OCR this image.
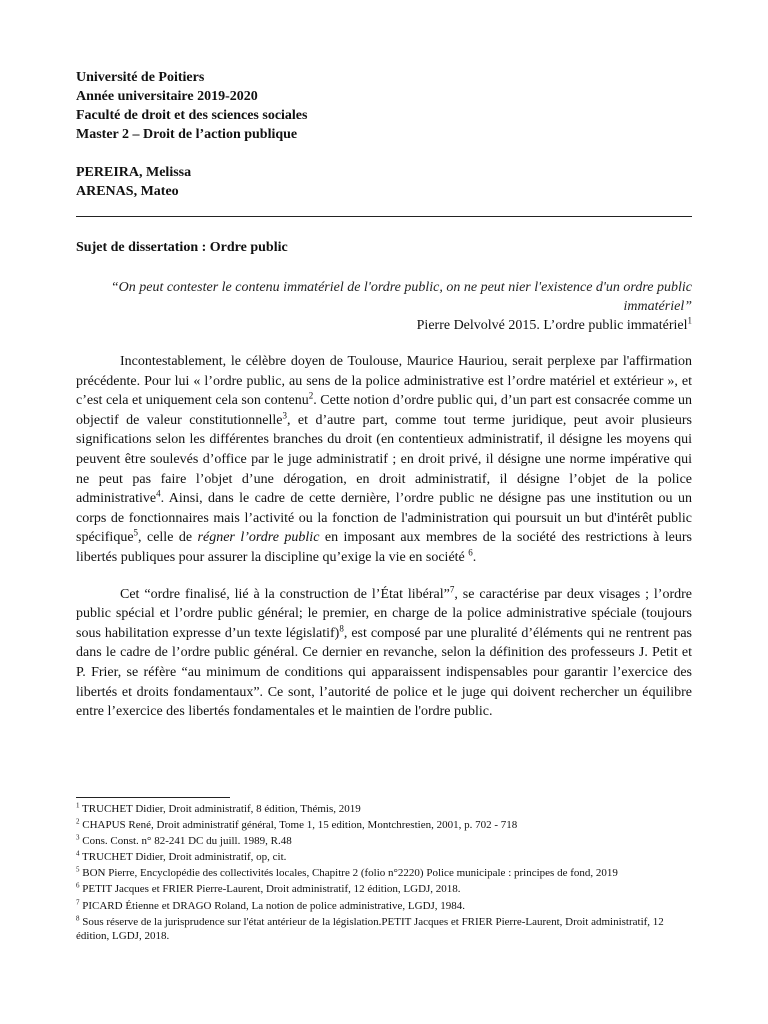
Université de Poitiers
Année universitaire 2019-2020
Faculté de droit et des sciences sociales
Master 2 – Droit de l’action publique
PEREIRA, Melissa
ARENAS, Mateo
Sujet de dissertation : Ordre public
“On peut contester le contenu immatériel de l'ordre public, on ne peut nier l'existence d'un ordre public immatériel”
Pierre Delvolvé 2015. L’ordre public immatériel$^1$

Incontestablement, le célèbre doyen de Toulouse, Maurice Hauriou, serait perplexe par l'affirmation précédente. Pour lui « l’ordre public, au sens de la police administrative est l’ordre matériel et extérieur », et c’est cela et uniquement cela son contenu$^2$. Cette notion d’ordre public qui, d’un part est consacrée comme un objectif de valeur constitutionnelle$^3$, et d’autre part, comme tout terme juridique, peut avoir plusieurs significations selon les différentes branches du droit (en contentieux administratif, il désigne les moyens qui peuvent être soulevés d’office par le juge administratif ; en droit privé, il désigne une norme impérative qui ne peut pas faire l’objet d’une dérogation, en droit administratif, il désigne l’objet de la police administrative$^4$. Ainsi, dans le cadre de cette dernière, l’ordre public ne désigne pas une institution ou un corps de fonctionnaires mais l’activité ou la fonction de l'administration qui poursuit un but d'intérêt public spécifique$^5$, celle de régner l’ordre public en imposant aux membres de la société des restrictions à leurs libertés publiques pour assurer la discipline qu’exige la vie en société $^6$.

Cet “ordre finalisé, lié à la construction de l’État libéral”$^7$, se caractérise par deux visages ; l’ordre public spécial et l’ordre public général; le premier, en charge de la police administrative spéciale (toujours sous habilitation expresse d’un texte législatif)$^8$, est composé par une pluralité d’éléments qui ne rentrent pas dans le cadre de l’ordre public général. Ce dernier en revanche, selon la définition des professeurs J. Petit et P. Frier, se réfère “au minimum de conditions qui apparaissent indispensables pour garantir l’exercice des libertés et droits fondamentaux”. Ce sont, l’autorité de police et le juge qui doivent rechercher un équilibre entre l’exercice des libertés fondamentales et le maintien de l'ordre public.

$^1$ TRUCHET Didier, Droit administratif, 8 édition, Thémis, 2019
$^2$ CHAPUS René, Droit administratif général, Tome 1, 15 edition, Montchrestien, 2001, p. 702 - 718
$^3$ Cons. Const. n° 82-241 DC du juill. 1989, R.48
$^4$ TRUCHET Didier, Droit administratif, op, cit.
$^5$ BON Pierre, Encyclopédie des collectivités locales, Chapitre 2 (folio n°2220) Police municipale : principes de fond, 2019
$^6$ PETIT Jacques et FRIER Pierre-Laurent, Droit administratif, 12 édition, LGDJ, 2018.
$^7$ PICARD Étienne et DRAGO Roland, La notion de police administrative, LGDJ, 1984.
$^8$ Sous réserve de la jurisprudence sur l'état antérieur de la législation.PETIT Jacques et FRIER Pierre-Laurent, Droit administratif, 12 édition, LGDJ, 2018.
